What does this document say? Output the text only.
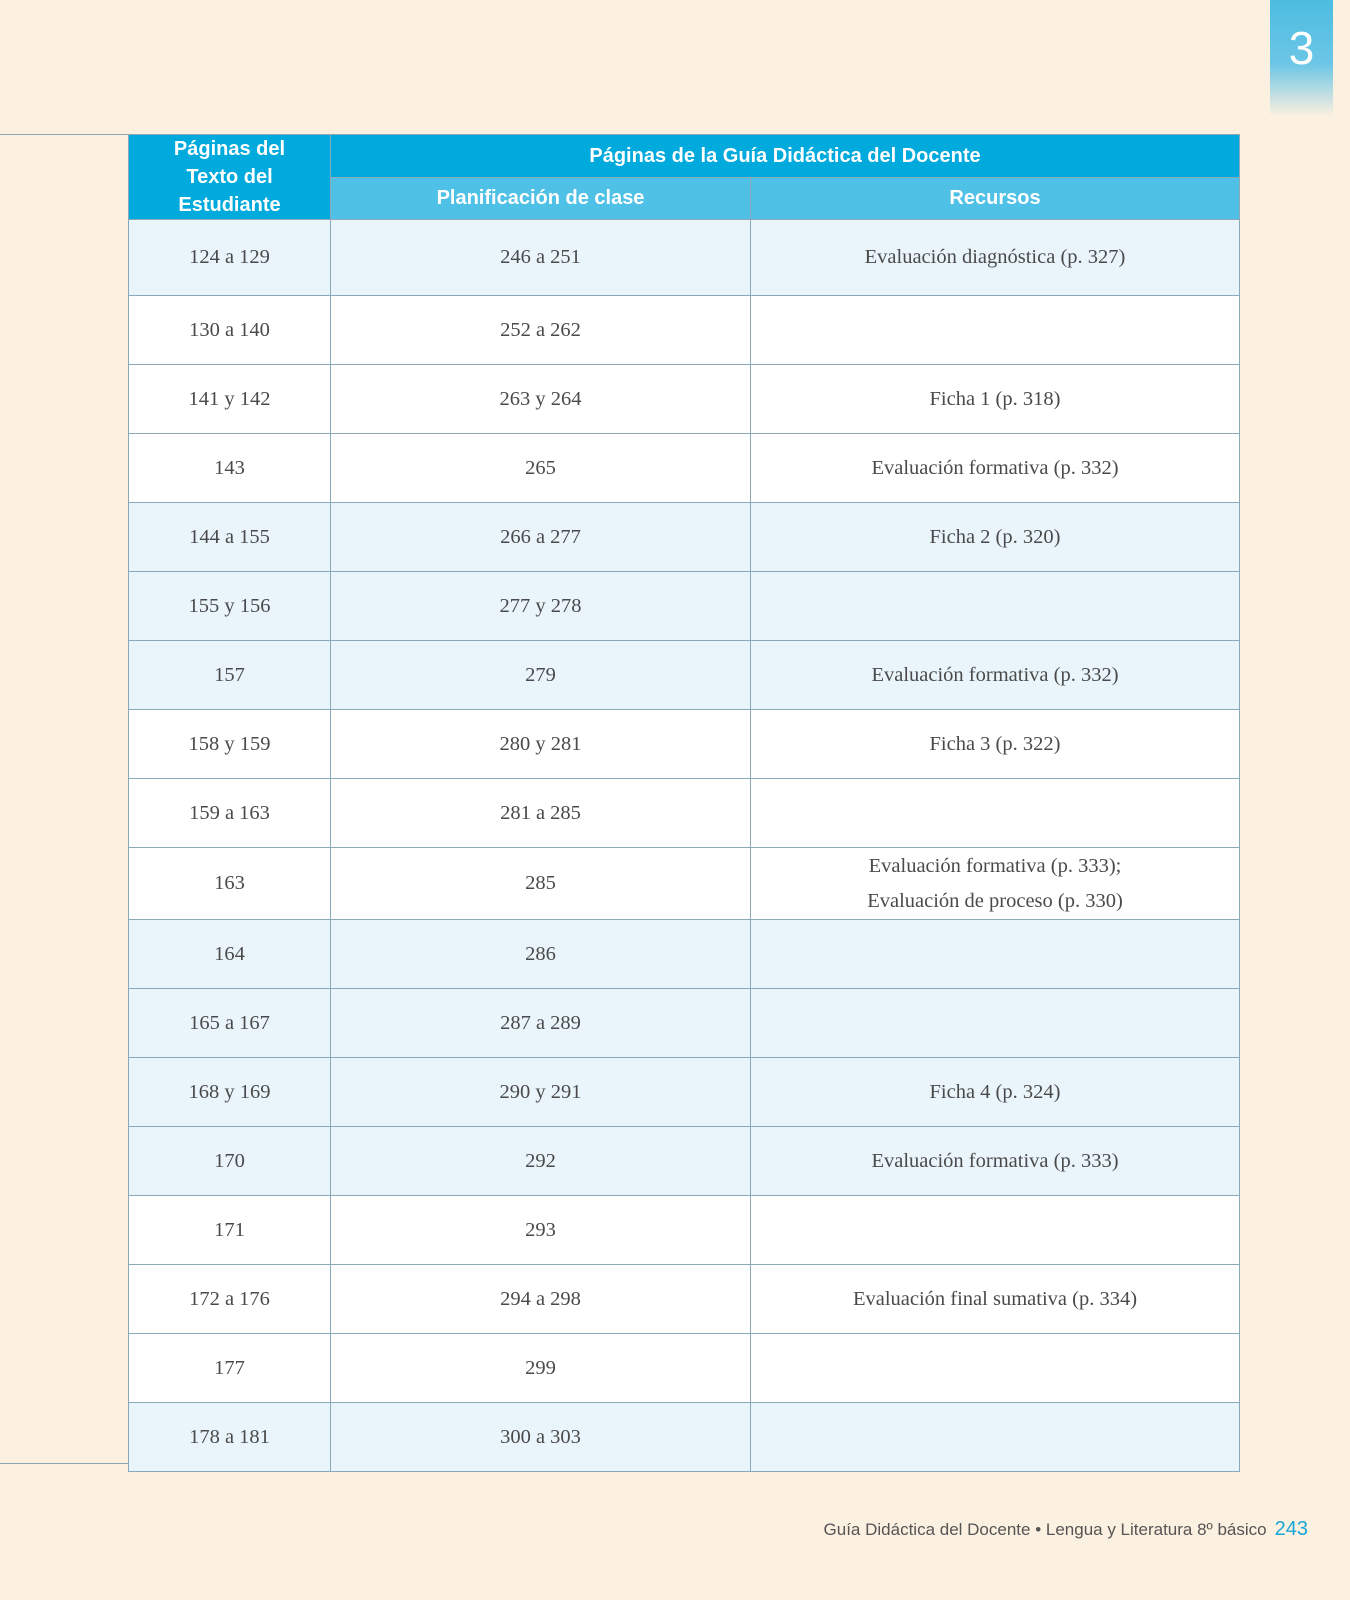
3
Páginas del Texto del Estudiante	Páginas de la Guía Didáctica del Docente	
	Planificación de clase	Recursos
124 a 129	246 a 251	Evaluación diagnóstica (p. 327)
130 a 140	252 a 262	
141 y 142	263 y 264	Ficha 1 (p. 318)
143	265	Evaluación formativa (p. 332)
144 a 155	266 a 277	Ficha 2 (p. 320)
155 y 156	277 y 278	
157	279	Evaluación formativa (p. 332)
158 y 159	280 y 281	Ficha 3 (p. 322)
159 a 163	281 a 285	
163	285	Evaluación formativa (p. 333);
Evaluación de proceso (p. 330)

164	286	
165 a 167	287 a 289	
168 y 169	290 y 291	Ficha 4 (p. 324)
170	292	Evaluación formativa (p. 333)
171	293	
172 a 176	294 a 298	Evaluación final sumativa (p. 334)
177	299	
178 a 181	300 a 303	
Guía Didáctica del Docente • Lengua y Literatura 8º básico 243
